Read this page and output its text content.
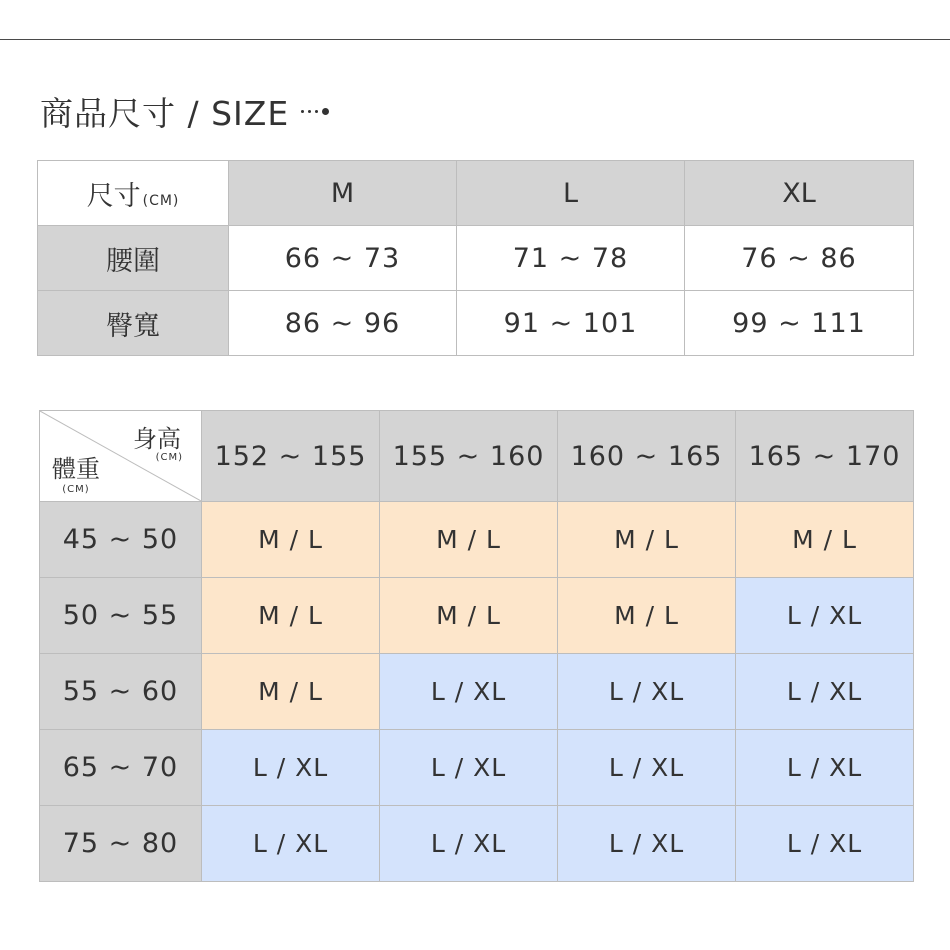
商品尺寸 / SIZE
尺寸 (CM)	M	L	XL
腰圍	66 ~ 73	71 ~ 78	76 ~ 86
臀寬	86 ~ 96	91 ~ 101	99 ~ 111
身高
(CM)
體重
(CM)	152 ~ 155	155 ~ 160	160 ~ 165	165 ~ 170
45 ~ 50	M / L	M / L	M / L	M / L
50 ~ 55	M / L	M / L	M / L	L / XL
55 ~ 60	M / L	L / XL	L / XL	L / XL
65 ~ 70	L / XL	L / XL	L / XL	L / XL
75 ~ 80	L / XL	L / XL	L / XL	L / XL
